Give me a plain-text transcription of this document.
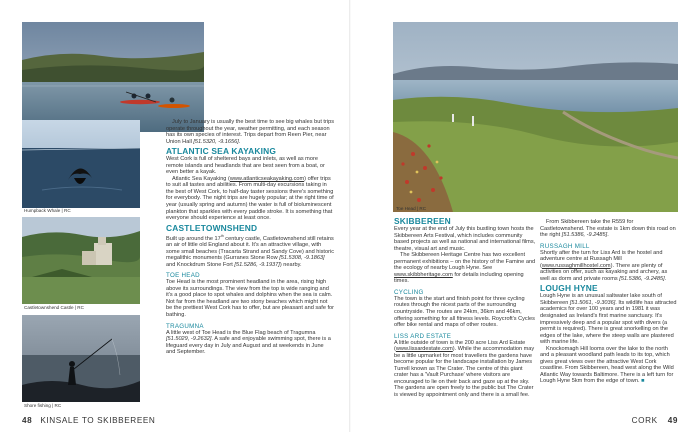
Humpback Whale | RC
Castletownshend Castle | RC
Shore fishing | RC

July to January is usually the best time to see big whales but trips operate throughout the year, weather permitting, and each season has its own species of interest. Trips depart from Reen Pier, near Union Hall [51.5320, -9.1656].

ATLANTIC SEA KAYAKING

West Cork is full of sheltered bays and inlets, as well as more remote islands and headlands that are best seen from a boat, or even better a kayak.

Atlantic Sea Kayaking (www.atlanticseakayaking.com) offer trips to suit all tastes and abilities. From multi-day excursions taking in the best of West Cork, to half-day taster sessions there's something for everybody. The night trips are hugely popular; at the right time of year (usually spring and autumn) the water is full of bioluminescent plankton that sparkles with every paddle stroke. It is something that everyone should experience at least once.

CASTLETOWNSHEND

Built up around the 17th century castle, Castletownshend still retains an air of little old England about it. It's an attractive village, with some small beaches (Tracarta Strand and Sandy Cove) and historic megalithic monuments (Gurranes Stone Row [51.5308, -9.1863] and Knockdrum Stone Fort [51.5286, -9.1937]) nearby.

TOE HEAD

Toe Head is the most prominent headland in the area, rising high above its surroundings. The view from the top is wide ranging and it's a good place to spot whales and dolphins when the sea is calm. Not far from the headland are two stony beaches which might not be the prettiest West Cork has to offer, but are pleasant and safe for bathing.

TRAGUMNA

A little west of Toe Head is the Blue Flag beach of Tragumna [51.5029, -9.2632]. A safe and enjoyable swimming spot, there is a lifeguard every day in July and August and at weekends in June and September.

48 KINSALE TO SKIBBEREEN
Toe Head | RC
SKIBBEREEN

Every year at the end of July this bustling town hosts the Skibbereen Arts Festival, which includes community based projects as well as national and international films, theatre, visual art and music.

The Skibbereen Heritage Centre has two excellent permanent exhibitions – on the history of the Famine and the ecology of nearby Lough Hyne. See www.skibbheritage.com for details including opening times.

CYCLING

The town is the start and finish point for three cycling routes through the nicest parts of the surrounding countryside. The routes are 24km, 36km and 46km, offering something for all fitness levels. Roycroft's Cycles offer bike rental and maps of other routes.

LISS ARD ESTATE

A little outside of town is the 200 acre Liss Ard Estate (www.lissardestate.com). While the accommodation may be a little upmarket for most travellers the gardens have become popular for the landscape installation by James Turrell known as The Crater. The centre of this giant crater has a 'Vault Purchase' where visitors are encouraged to lie on their back and gaze up at the sky. The gardens are open freely to the public but The Crater is viewed by appointment only and there is a small fee.

From Skibbereen take the R559 for Castletownshend. The estate is 1km down this road on the right [51.5386, -9.2485].

RUSSAGH MILL

Shortly after the turn for Liss Ard is the hostel and adventure centre at Russagh Mill (www.russaghmillhostel.com). There are plenty of activities on offer, such as kayaking and archery, as well as dorm and private rooms [51.5386, -9.2485].

LOUGH HYNE

Lough Hyne is an unusual saltwater lake south of Skibbereen [51.5061, -9.3036]. Its wildlife has attracted academics for over 100 years and in 1981 it was designated as Ireland's first marine sanctuary. It's impressively deep and a popular spot with divers (a permit is required). There is great snorkelling on the edges of the lake, where the steep walls are plastered with marine life.

Knockomagh Hill looms over the lake to the north and a pleasant woodland path leads to its top, which gives great views over the attractive West Cork coastline. From Skibbereen, head west along the Wild Atlantic Way towards Baltimore. There is a left turn for Lough Hyne 5km from the edge of town. ■

CORK 49
